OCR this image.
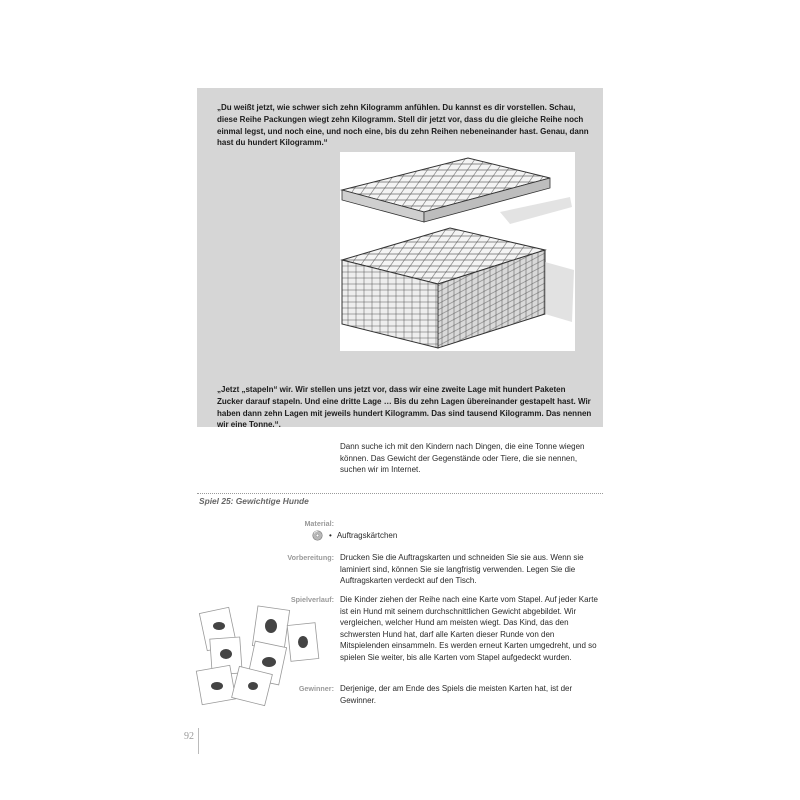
„Du weißt jetzt, wie schwer sich zehn Kilogramm anfühlen. Du kannst es dir vorstellen. Schau, diese Reihe Packungen wiegt zehn Kilogramm. Stell dir jetzt vor, dass du die gleiche Reihe noch einmal legst, und noch eine, und noch eine, bis du zehn Reihen nebeneinander hast. Genau, dann hast du hundert Kilogramm.“

„Jetzt „stapeln“ wir. Wir stellen uns jetzt vor, dass wir eine zweite Lage mit hundert Paketen Zucker darauf stapeln. Und eine dritte Lage … Bis du zehn Lagen übereinander gestapelt hast. Wir haben dann zehn Lagen mit jeweils hundert Kilogramm. Das sind tausend Kilogramm. Das nennen wir eine Tonne.“.

Dann suche ich mit den Kindern nach Dingen, die eine Tonne wiegen können. Das Gewicht der Gegenstände oder Tiere, die sie nennen, suchen wir im Internet.

Spiel 25: Gewichtige Hunde
Material:
• Auftragskärtchen
Vorbereitung: Drucken Sie die Auftragskarten und schneiden Sie sie aus. Wenn sie laminiert sind, können Sie sie langfristig verwenden. Legen Sie die Auftragskarten verdeckt auf den Tisch.

Spielverlauf: Die Kinder ziehen der Reihe nach eine Karte vom Stapel. Auf jeder Karte ist ein Hund mit seinem durchschnittlichen Gewicht abgebildet. Wir vergleichen, welcher Hund am meisten wiegt. Das Kind, das den schwersten Hund hat, darf alle Karten dieser Runde von den Mitspielenden einsammeln. Es werden erneut Karten umgedreht, und so spielen Sie weiter, bis alle Karten vom Stapel aufgedeckt wurden.

Gewinner: Derjenige, der am Ende des Spiels die meisten Karten hat, ist der Gewinner.

92
